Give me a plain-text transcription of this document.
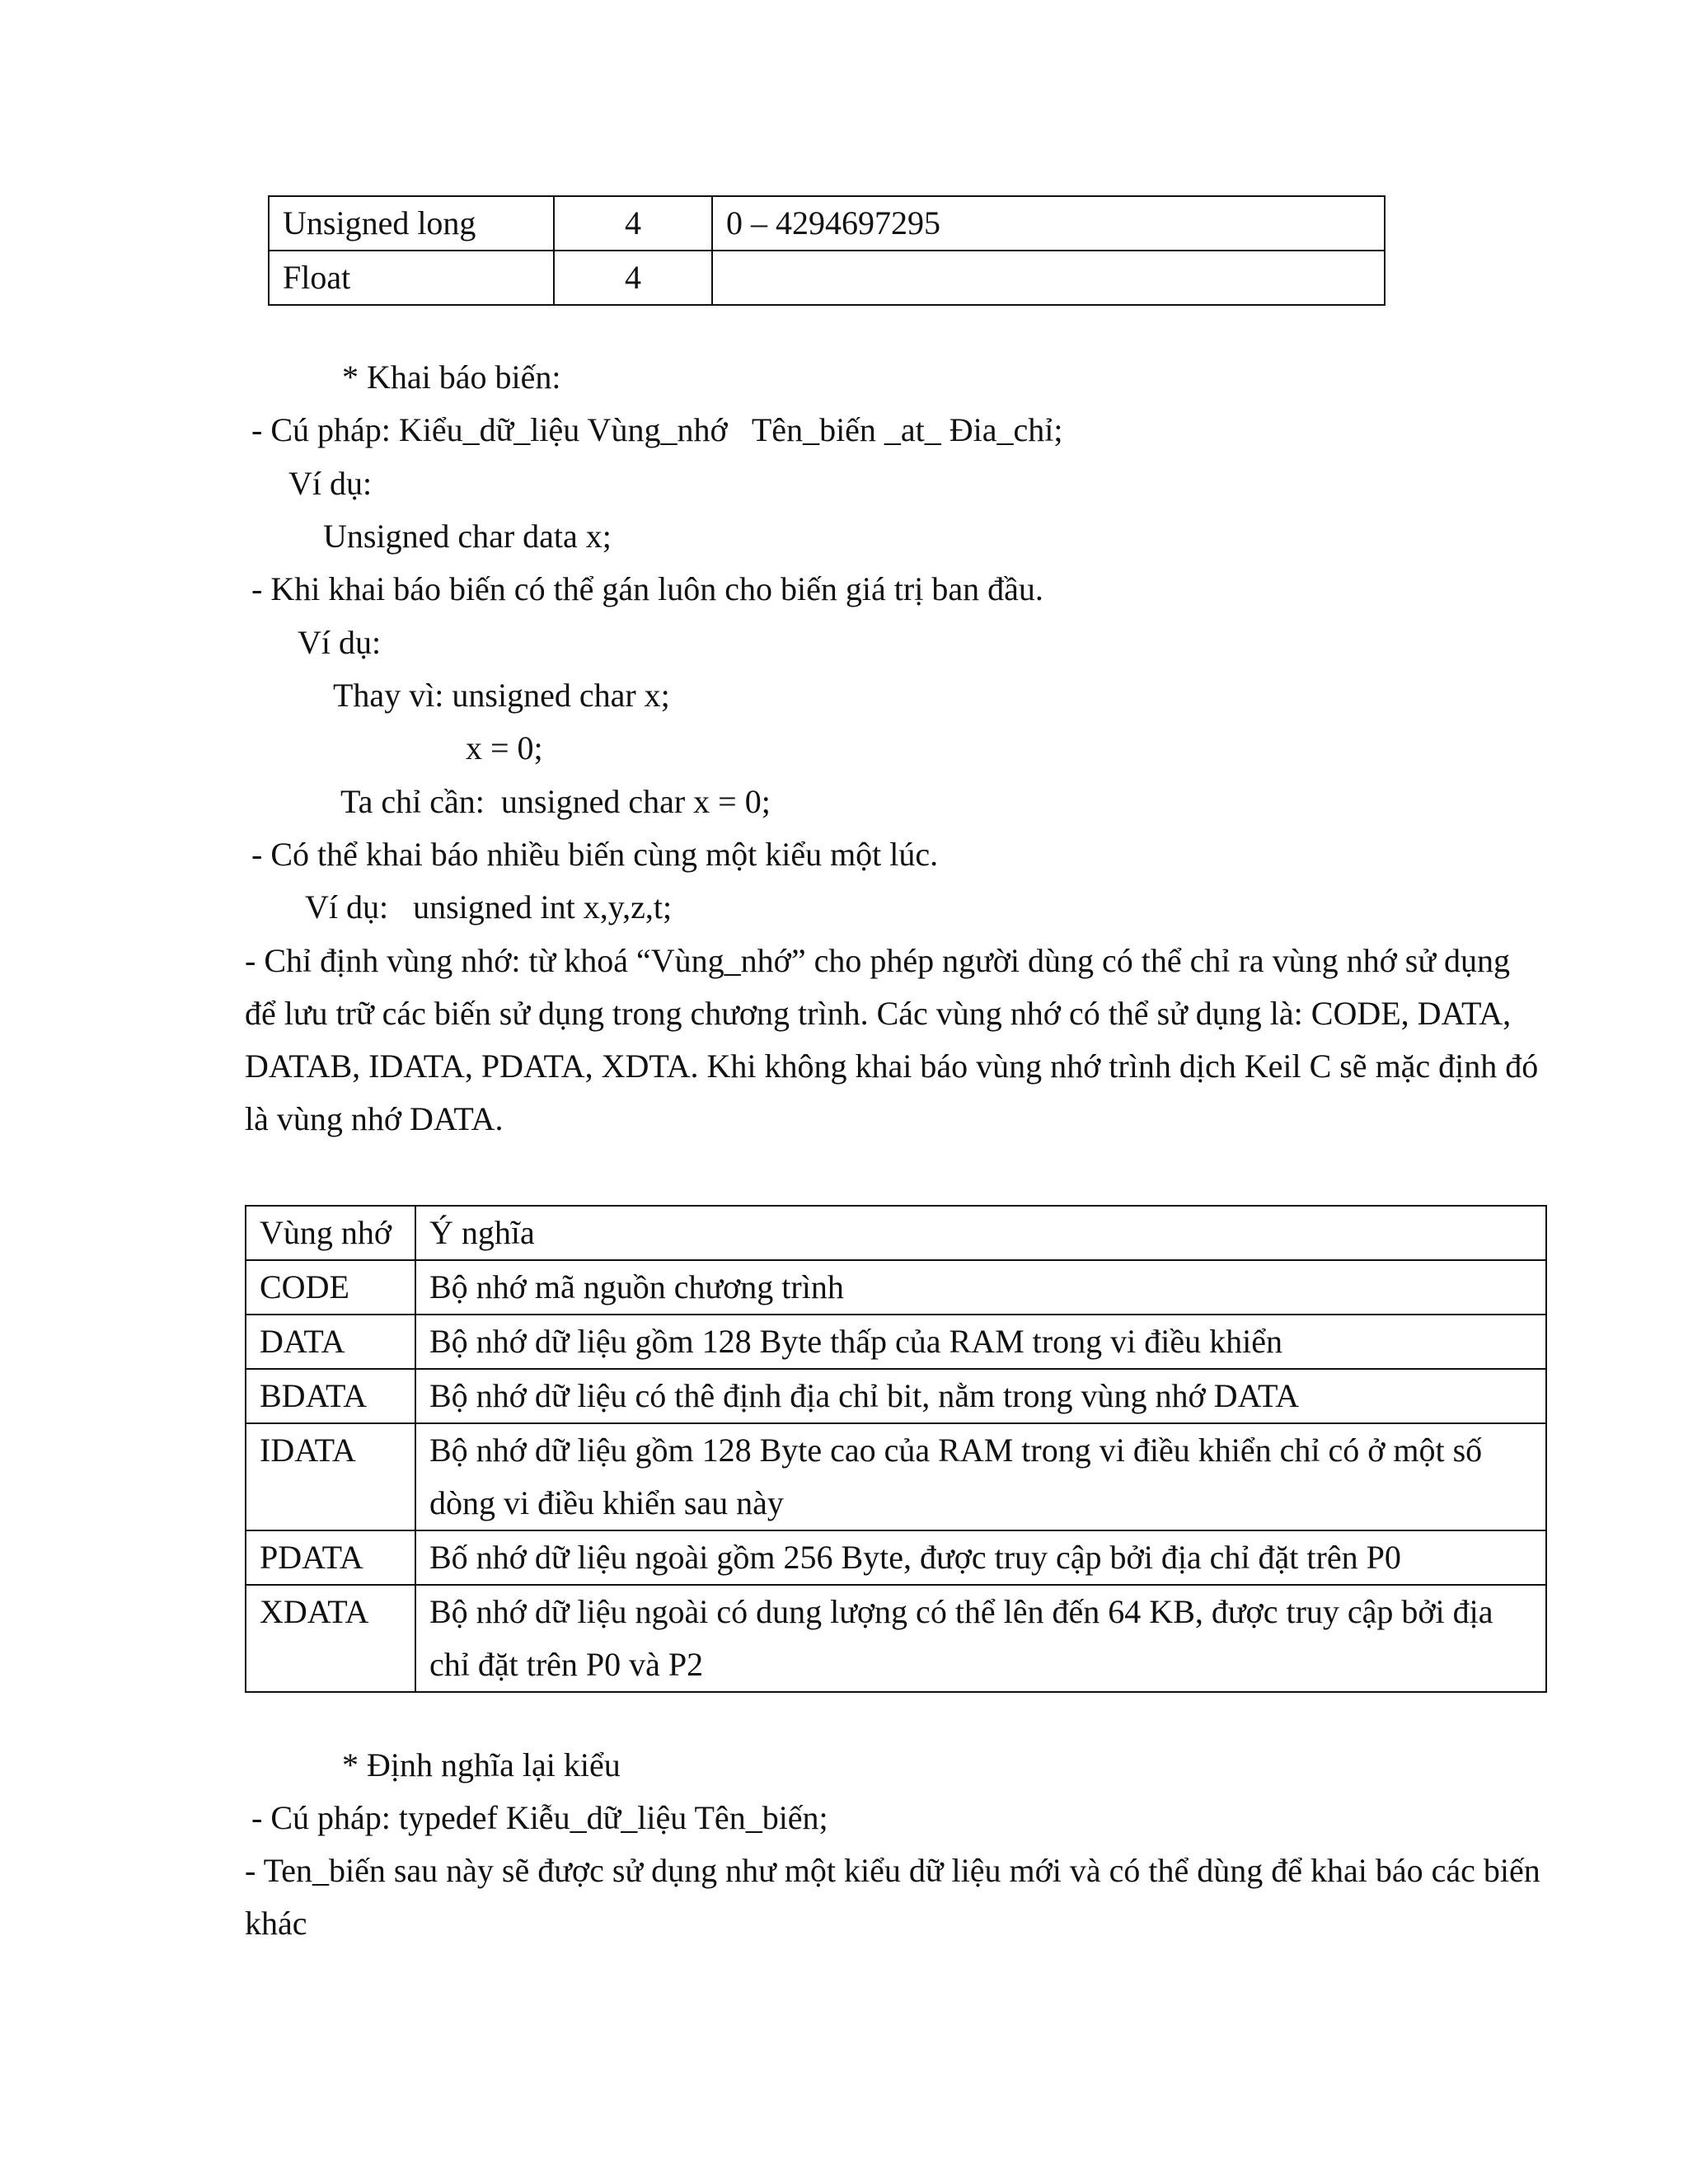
Unsigned long	4	0 – 4294697295
Float	4	
* Khai báo biến:
- Cú pháp: Kiểu_dữ_liệu Vùng_nhớ   Tên_biến _at_ Đia_chỉ;
Ví dụ:
Unsigned char data x;
- Khi khai báo biến có thể gán luôn cho biến giá trị ban đầu.
Ví dụ:
Thay vì: unsigned char x;
x = 0;
Ta chỉ cần:  unsigned char x = 0;
- Có thể khai báo nhiều biến cùng một kiểu một lúc.
Ví dụ:   unsigned int x,y,z,t;
- Chỉ định vùng nhớ: từ khoá “Vùng_nhớ” cho phép người dùng có thể chỉ ra vùng nhớ sử dụng để lưu trữ các biến sử dụng trong chương trình. Các vùng nhớ có thể sử dụng là: CODE, DATA, DATAB, IDATA, PDATA, XDTA. Khi không khai báo vùng nhớ trình dịch Keil C sẽ mặc định đó là vùng nhớ DATA.
Vùng nhớ	Ý nghĩa
CODE	Bộ nhớ mã nguồn chương trình
DATA	Bộ nhớ dữ liệu gồm 128 Byte thấp của RAM trong vi điều khiển
BDATA	Bộ nhớ dữ liệu có thê định địa chỉ bit, nằm trong vùng nhớ DATA
IDATA	Bộ nhớ dữ liệu gồm 128 Byte cao của RAM trong vi điều khiển chỉ có ở một số dòng vi điều khiển sau này
PDATA	Bố nhớ dữ liệu ngoài gồm 256 Byte, được truy cập bởi địa chỉ đặt trên P0
XDATA	Bộ nhớ dữ liệu ngoài có dung lượng có thể lên đến 64 KB, được truy cập bởi địa chỉ đặt trên P0 và P2
* Định nghĩa lại kiểu
- Cú pháp: typedef Kiễu_dữ_liệu Tên_biến;
- Ten_biến sau này sẽ được sử dụng như một kiểu dữ liệu mới và có thể dùng để khai báo các biến khác
